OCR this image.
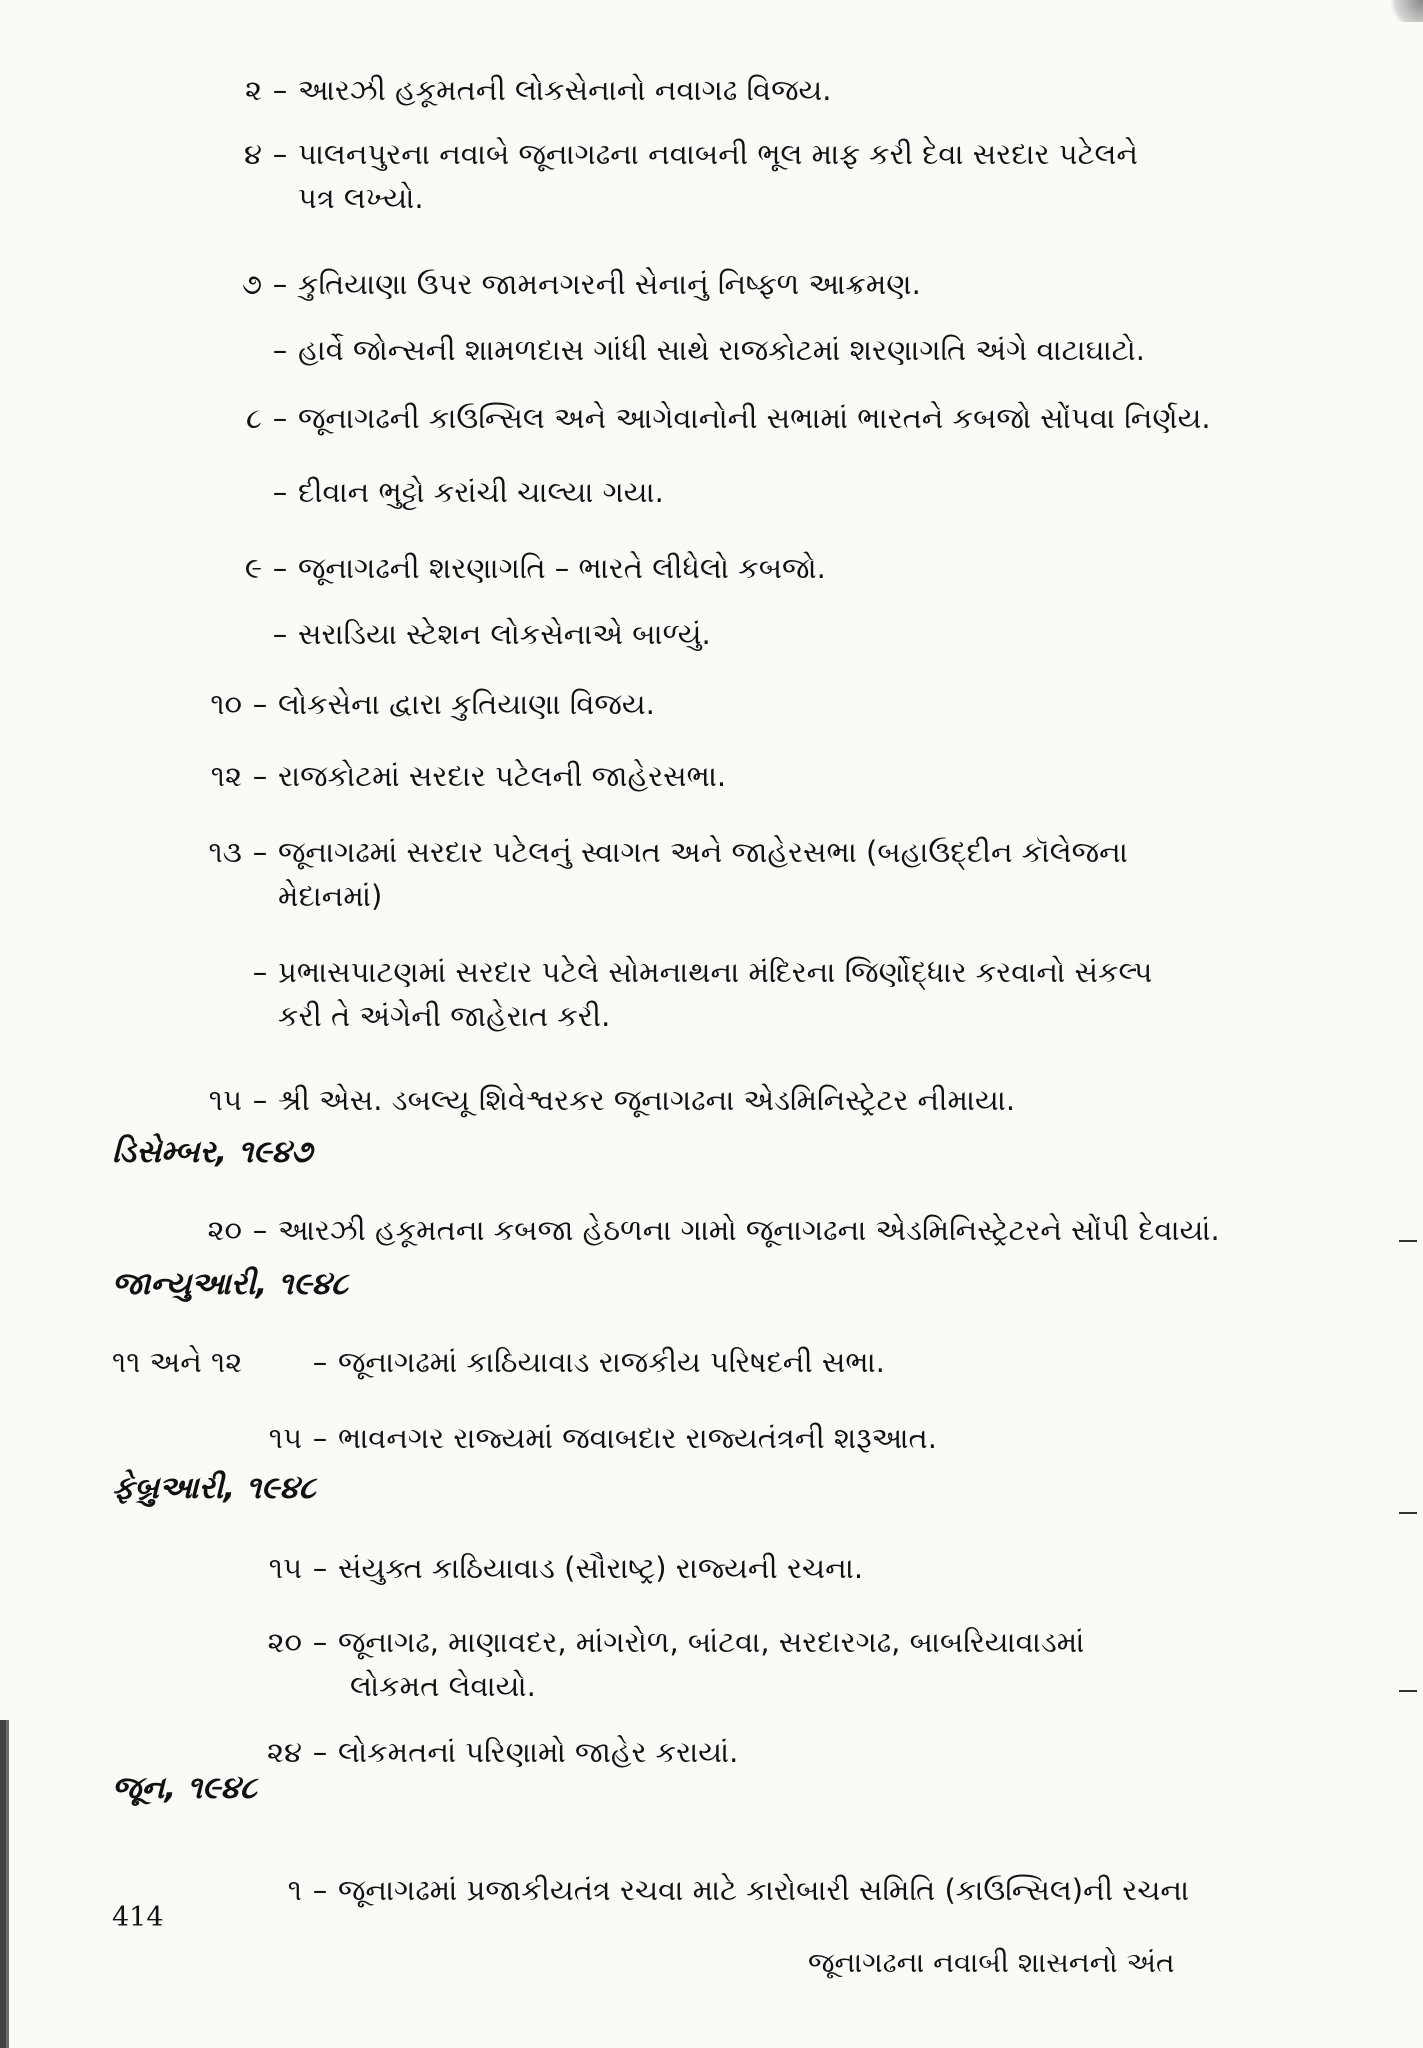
૨ – આરઝી હકૂમતની લોકસેનાનો નવાગઢ વિજય.
૪ – પાલનપુરના નવાબે જૂનાગઢના નવાબની ભૂલ માફ કરી દેવા સરદાર પટેલને
પત્ર લખ્યો.
૭ – કુતિયાણા ઉપર જામનગરની સેનાનું નિષ્ફળ આક્રમણ.
– હાર્વે જોન્સની શામળદાસ ગાંધી સાથે રાજકોટમાં શરણાગતિ અંગે વાટાઘાટો.
૮ – જૂનાગઢની કાઉન્સિલ અને આગેવાનોની સભામાં ભારતને કબજો સોંપવા નિર્ણય.
– દીવાન ભુટ્ટો કરાંચી ચાલ્યા ગયા.
૯ – જૂનાગઢની શરણાગતિ – ભારતે લીધેલો કબજો.
– સરાડિયા સ્ટેશન લોકસેનાએ બાળ્યું.
૧૦ – લોકસેના દ્વારા કુતિયાણા વિજય.
૧૨ – રાજકોટમાં સરદાર પટેલની જાહેરસભા.
૧૩ – જૂનાગઢમાં સરદાર પટેલનું સ્વાગત અને જાહેરસભા (બહાઉદ્દીન કૉલેજના
મેદાનમાં)
– પ્રભાસપાટણમાં સરદાર પટેલે સોમનાથના મંદિરના જિર્ણોદ્ધાર કરવાનો સંકલ્પ
કરી તે અંગેની જાહેરાત કરી.
૧૫ – શ્રી એસ. ડબલ્યૂ શિવેશ્વરકર જૂનાગઢના એડમિનિસ્ટ્રેટર નીમાયા.
ડિસેમ્બર, ૧૯૪૭
૨૦ – આરઝી હકૂમતના કબજા હેઠળના ગામો જૂનાગઢના એડમિનિસ્ટ્રેટરને સોંપી દેવાયાં.
જાન્યુઆરી, ૧૯૪૮
૧૧ અને ૧૨ – જૂનાગઢમાં કાઠિયાવાડ રાજકીય પરિષદની સભા.
૧૫ – ભાવનગર રાજ્યમાં જવાબદાર રાજ્યતંત્રની શરૂઆત.
ફેબ્રુઆરી, ૧૯૪૮
૧૫ – સંયુક્ત કાઠિયાવાડ (સૌરાષ્ટ્ર) રાજ્યની રચના.
૨૦ – જૂનાગઢ, માણાવદર, માંગરોળ, બાંટવા, સરદારગઢ, બાબરિયાવાડમાં
લોકમત લેવાયો.
૨૪ – લોકમતનાં પરિણામો જાહેર કરાયાં.
જૂન, ૧૯૪૮
૧ – જૂનાગઢમાં પ્રજાકીયતંત્ર રચવા માટે કારોબારી સમિતિ (કાઉન્સિલ)ની રચના
414
જૂનાગઢના નવાબી શાસનનો અંત
